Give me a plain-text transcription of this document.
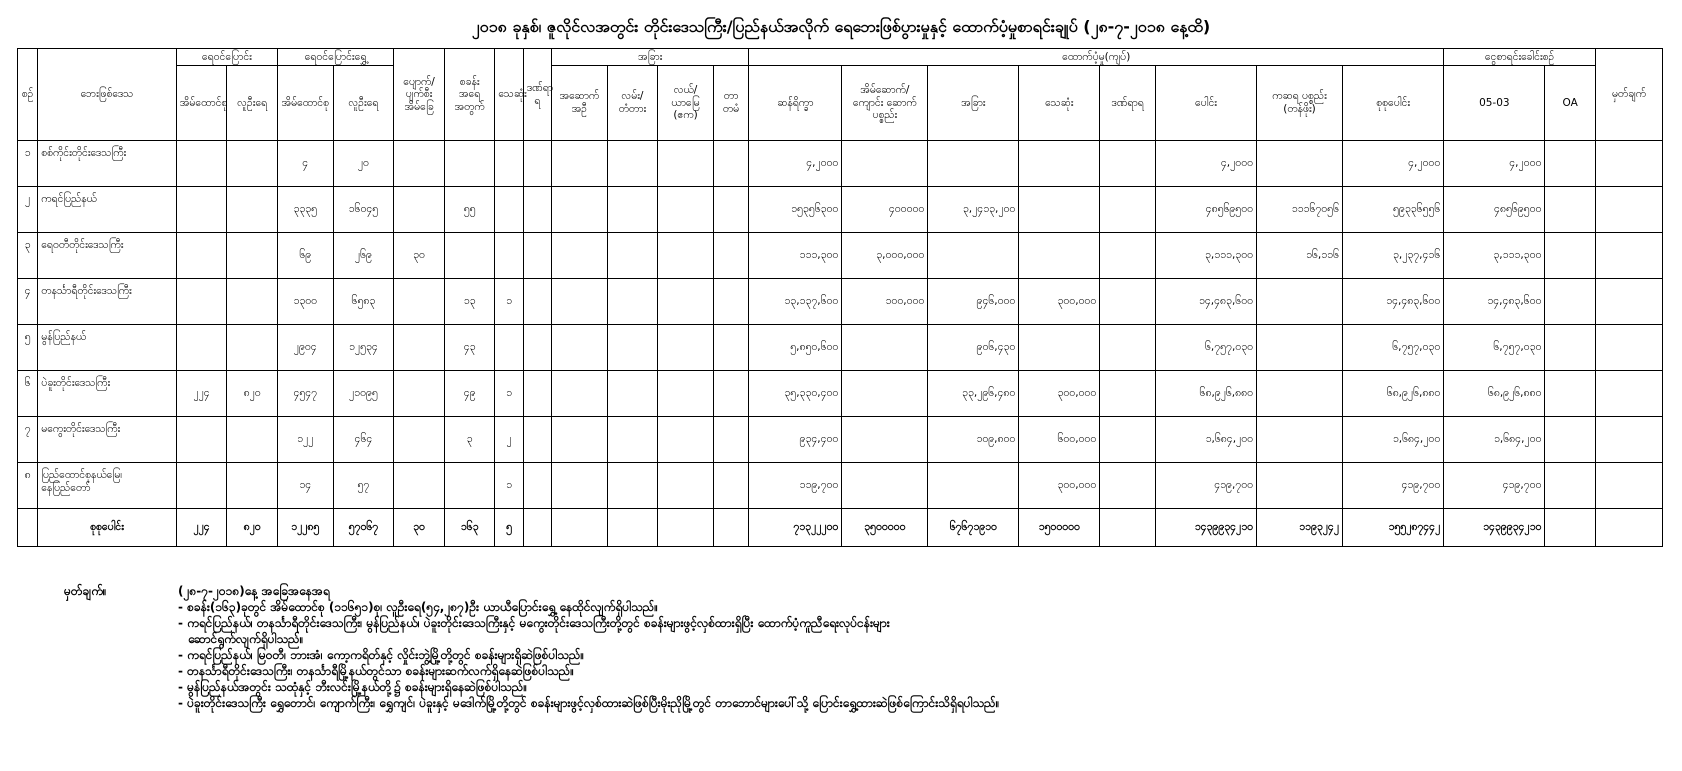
၂၀၁၈ ခုနှစ်၊ ဇူလိုင်လအတွင်း တိုင်းဒေသကြီး/ပြည်နယ်အလိုက် ရေဘေးဖြစ်ပွားမှုနှင့် ထောက်ပံ့မှုစာရင်းချုပ် (၂၈-၇-၂၀၁၈ နေ့ထိ)
စဉ်	ဘေးဖြစ်ဒေသ	ရေဝင်ပြောင်း		ရေဝင်ပြောင်းရွှေ့		ပျောက်/ပျက်စီး အိမ်ခြေ	စခန်း အရေ အတွက်	သေဆုံး	ဒဏ်ရာ ရ	အခြား				ထောက်ပံ့မှု(ကျပ်)								ငွေစာရင်းခေါင်းစဉ်		မှတ်ချက်
		အိမ်ထောင်စု	လူဦးရေ	အိမ်ထောင်စု	လူဦးရေ					အဆောက် အဦ	လမ်း/ တံတား	လယ်/ ယာမြေ (ဧက)	တာ တမံ	ဆန်ရိက္ခာ	အိမ်ဆောက်/ ကျောင်း ဆောက် ပစ္စည်း	အခြား	သေဆုံး	ဒဏ်ရာရ	ပေါင်း	ကဆရ ပစ္စည်း (တန်ဖိုး)	စုစုပေါင်း	05-03	OA	
၁	စစ်ကိုင်းတိုင်းဒေသကြီး			၄	၂၀									၄,၂၀၀၀					၄,၂၀၀၀		၄,၂၀၀၀	၄,၂၀၀၀		
၂	ကရင်ပြည်နယ်			၃၃၃၅	၁၆၀၄၅		၅၅							၁၅၃၅၆၃၀၀	၄၀၀၀၀၀	၃,၂၄၁၃,၂၀၀			၄၈၅၆၉၅၀၀	၁၁၁၆၇၀၅၆	၅၉၃၃၆၅၅၆	၄၈၅၆၉၅၀၀		
၃	ရေဝတီတိုင်းဒေသကြီး			၆၉	၂၆၉	၃၀								၁၁၁,၃၀၀	၃,၀၀၀,၀၀၀				၃,၁၁၁,၃၀၀	၁၆,၁၁၆	၃,၂၃၇,၄၁၆	၃,၁၁၁,၃၀၀		
၄	တနင်္သာရီတိုင်းဒေသကြီး			၁၃၀၀	၆၅၈၃		၁၃	၁						၁၃,၁၃၇,၆၀၀	၁၀၀,၀၀၀	၉၄၆,၀၀၀	၃၀၀,၀၀၀		၁၄,၄၈၃,၆၀၀		၁၄,၄၈၃,၆၀၀	၁၄,၄၈၃,၆၀၀		
၅	မွန်ပြည်နယ်			၂၉၀၄	၁၂၅၃၄		၄၃							၅,၈၅၀,၆၀၀		၉၀၆,၄၃၀			၆,၇၅၇,၀၃၀		၆,၇၅၇,၀၃၀	၆,၇၅၇,၀၃၀		
၆	ပဲခူးတိုင်းဒေသကြီး	၂၂၄	၈၂၀	၄၅၄၇	၂၁၀၉၅		၄၉	၁						၃၅,၃၃၀,၄၀၀		၃၃,၂၉၆,၄၈၀	၃၀၀,၀၀၀		၆၈,၉၂၆,၈၈၀		၆၈,၉၂၆,၈၈၀	၆၈,၉၂၆,၈၈၀		
၇	မကွေးတိုင်းဒေသကြီး			၁၂၂	၄၆၄		၃	၂						၉၃၄,၄၀၀		၁၀၉,၈၀၀	၆၀၀,၀၀၀		၁,၆၈၄,၂၀၀		၁,၆၈၄,၂၀၀	၁,၆၈၄,၂၀၀		
၈	ပြည်ထောင်စုနယ်မြေ၊ နေပြည်တော်			၁၄	၅၇			၁						၁၁၉,၇၀၀			၃၀၀,၀၀၀		၄၁၉,၇၀၀		၄၁၉,၇၀၀	၄၁၉,၇၀၀		
	စုစုပေါင်း	၂၂၄	၈၂၀	၁၂၂၈၅	၅၇၀၆၇	၃၀	၁၆၃	၅						၇၁၃၂၂၂၀၀	၃၅၀၀၀၀၀	၆၇၆၇၁၉၁၀	၁၅၀၀၀၀၀		၁၄၃၉၉၃၄၂၁၀	၁၁၉၃၂၄၂	၁၅၅၂၈၇၄၄၂	၁၄၃၉၉၃၄၂၁၀		
မှတ်ချက်။	(၂၈-၇-၂၀၁၈)နေ့ အခြေအနေအရ
- စခန်း(၁၆၃)ခုတွင် အိမ်ထောင်စု (၁၁၆၅၁)စု၊ လူဦးရေ(၅၄,၂၈၇)ဦး ယာယီပြောင်းရွှေ့ နေထိုင်လျက်ရှိပါသည်။
- ကရင်ပြည်နယ်၊ တနင်္သာရီတိုင်းဒေသကြီး၊ မွန်ပြည်နယ်၊ ပဲခူးတိုင်းဒေသကြီးနှင့် မကွေးတိုင်းဒေသကြီးတို့တွင် စခန်းများဖွင့်လှစ်ထားရှိပြီး ထောက်ပံ့ကူညီရေးလုပ်ငန်းများ
ဆောင်ရွက်လျက်ရှိပါသည်။
- ကရင်ပြည်နယ်၊ မြဝတီ၊ ဘားအံ၊ ကော့ကရိတ်နှင့် လှိုင်းဘွဲ့မြို့တို့တွင် စခန်းများရှိဆဲဖြစ်ပါသည်။
- တနင်္သာရီတိုင်းဒေသကြီး၊ တနင်္သာရီမြို့နယ်တွင်သာ စခန်းများဆက်လက်ရှိနေဆဲဖြစ်ပါသည်။
- မွန်ပြည်နယ်အတွင်း သထုံနှင့် ဘီးလင်းမြို့နယ်တို့၌ စခန်းများရှိနေဆဲဖြစ်ပါသည်။
- ပဲခူးတိုင်းဒေသကြီး ရွှေတောင်၊ ကျောက်ကြီး၊ ရွှေကျင်၊ ပဲခူးနှင့် မဒေါက်မြို့တို့တွင် စခန်းများဖွင့်လှစ်ထားဆဲဖြစ်ပြီးမိုးညိုမြို့တွင် တာဘောင်များပေါ်သို့ ပြောင်းရွှေ့ထားဆဲဖြစ်ကြောင်းသိရှိရပါသည်။
